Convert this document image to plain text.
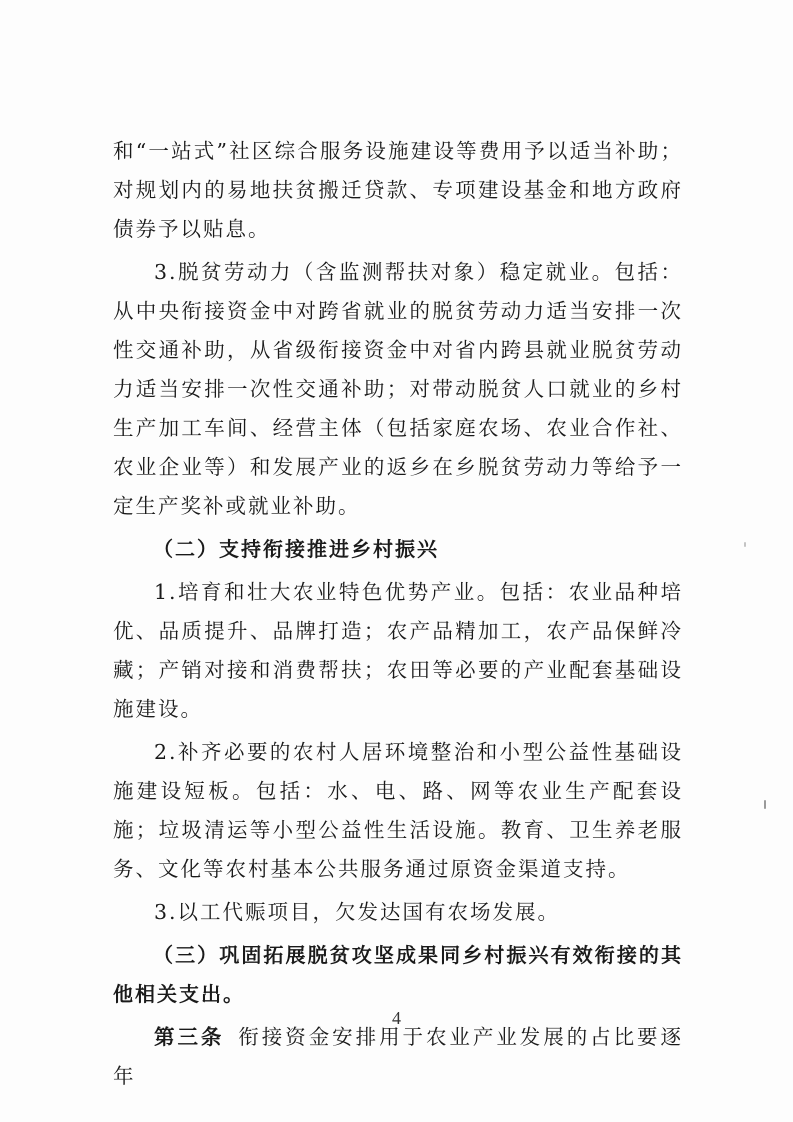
和“一站式”社区综合服务设施建设等费用予以适当补助；对规划内的易地扶贫搬迁贷款、专项建设基金和地方政府债券予以贴息。

3.脱贫劳动力（含监测帮扶对象）稳定就业。包括：从中央衔接资金中对跨省就业的脱贫劳动力适当安排一次性交通补助，从省级衔接资金中对省内跨县就业脱贫劳动力适当安排一次性交通补助；对带动脱贫人口就业的乡村生产加工车间、经营主体（包括家庭农场、农业合作社、农业企业等）和发展产业的返乡在乡脱贫劳动力等给予一定生产奖补或就业补助。

（二）支持衔接推进乡村振兴

1.培育和壮大农业特色优势产业。包括：农业品种培优、品质提升、品牌打造；农产品精加工，农产品保鲜冷藏；产销对接和消费帮扶；农田等必要的产业配套基础设施建设。

2.补齐必要的农村人居环境整治和小型公益性基础设施建设短板。包括：水、电、路、网等农业生产配套设施；垃圾清运等小型公益性生活设施。教育、卫生养老服务、文化等农村基本公共服务通过原资金渠道支持。

3.以工代赈项目，欠发达国有农场发展。

（三）巩固拓展脱贫攻坚成果同乡村振兴有效衔接的其他相关支出。

第三条 衔接资金安排用于农业产业发展的占比要逐年

4
